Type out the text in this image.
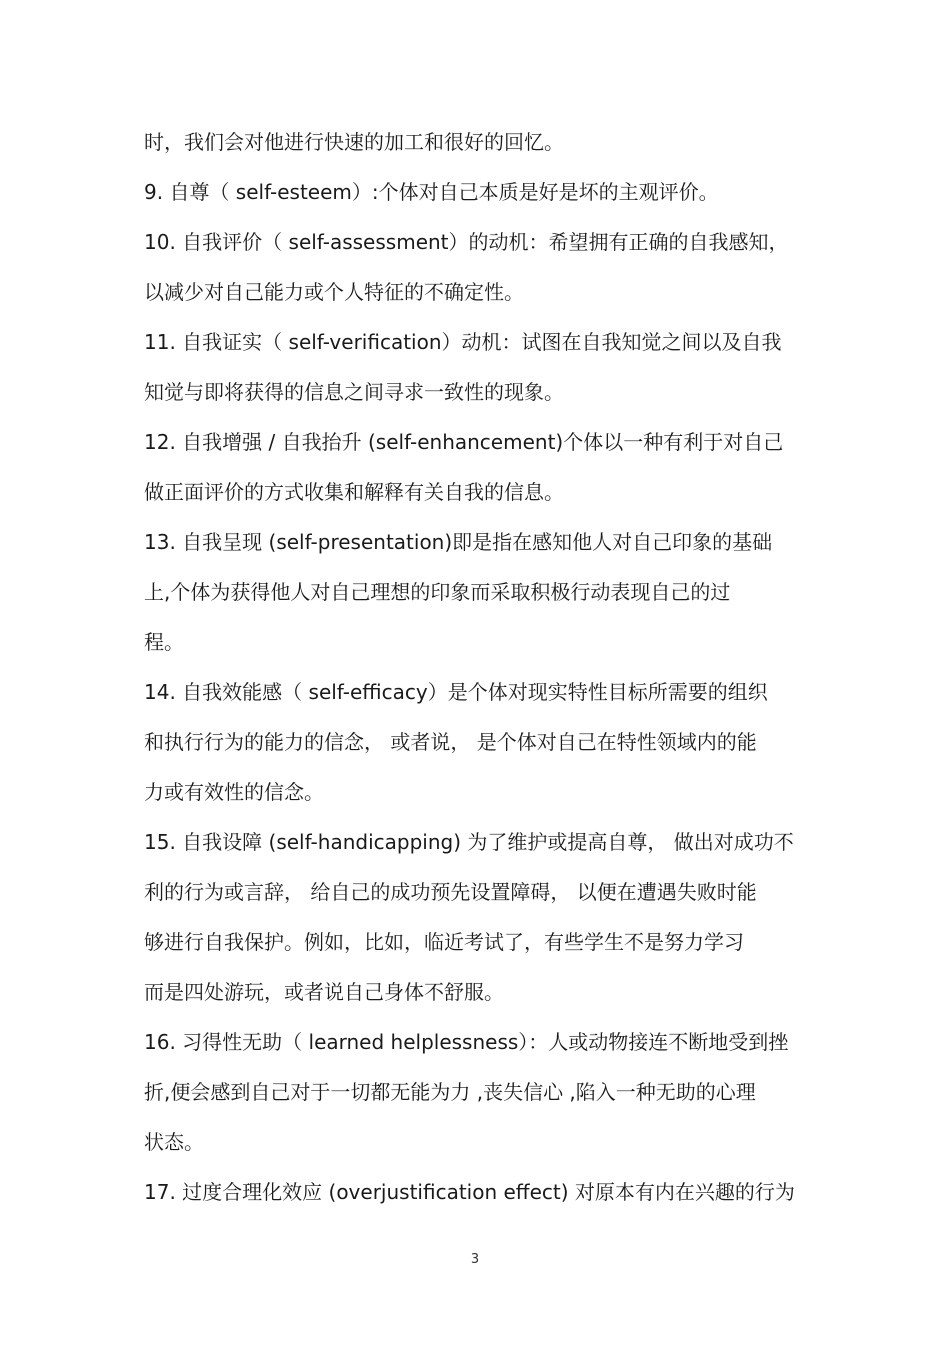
时，我们会对他进行快速的加工和很好的回忆。
9. 自尊（ self-esteem）:个体对自己本质是好是坏的主观评价。
10. 自我评价（ self-assessment）的动机：希望拥有正确的自我感知，
以减少对自己能力或个人特征的不确定性。
11. 自我证实（ self-verification）动机：试图在自我知觉之间以及自我
知觉与即将获得的信息之间寻求一致性的现象。
12. 自我增强 / 自我抬升 (self-enhancement)个体以一种有利于对自己
做正面评价的方式收集和解释有关自我的信息。
13. 自我呈现 (self-presentation)即是指在感知他人对自己印象的基础
上,个体为获得他人对自己理想的印象而采取积极行动表现自己的过
程。
14. 自我效能感（ self-efficacy）是个体对现实特性目标所需要的组织
和执行行为的能力的信念， 或者说， 是个体对自己在特性领域内的能
力或有效性的信念。
15. 自我设障 (self-handicapping) 为了维护或提高自尊， 做出对成功不
利的行为或言辞， 给自己的成功预先设置障碍， 以便在遭遇失败时能
够进行自我保护。例如，比如，临近考试了，有些学生不是努力学习
而是四处游玩，或者说自己身体不舒服。
16. 习得性无助（ learned helplessness）：人或动物接连不断地受到挫
折,便会感到自己对于一切都无能为力 ,丧失信心 ,陷入一种无助的心理
状态。
17. 过度合理化效应 (overjustification effect) 对原本有内在兴趣的行为
3
